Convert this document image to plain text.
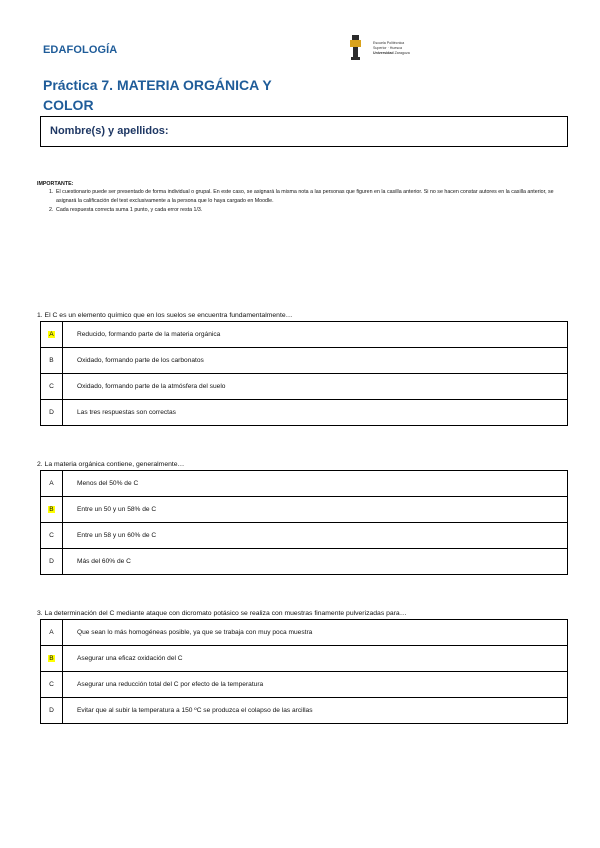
EDAFOLOGÍA
Escuela Politécnica
Superior · Huesca
Universidad Zaragoza
Práctica 7. MATERIA ORGÁNICA Y
COLOR
Nombre(s) y apellidos:
IMPORTANTE:
1. El cuestionario puede ser presentado de forma individual o grupal. En este caso, se asignará la misma nota a las personas que figuren en la casilla anterior. Si no se hacen constar autores en la casilla anterior, se asignará la calificación del test exclusivamente a la persona que lo haya cargado en Moodle.
2. Cada respuesta correcta suma 1 punto, y cada error resta 1/3.
1. El C es un elemento químico que en los suelos se encuentra fundamentalmente…
A	Reducido, formando parte de la materia orgánica
B	Oxidado, formando parte de los carbonatos
C	Oxidado, formando parte de la atmósfera del suelo
D	Las tres respuestas son correctas
2. La materia orgánica contiene, generalmente…
A	Menos del 50% de C
B	Entre un 50 y un 58% de C
C	Entre un 58 y un 60% de C
D	Más del 60% de C
3. La determinación del C mediante ataque con dicromato potásico se realiza con muestras finamente pulverizadas para…
A	Que sean lo más homogéneas posible, ya que se trabaja con muy poca muestra
B	Asegurar una eficaz oxidación del C
C	Asegurar una reducción total del C por efecto de la temperatura
D	Evitar que al subir la temperatura a 150 ºC se produzca el colapso de las arcillas
